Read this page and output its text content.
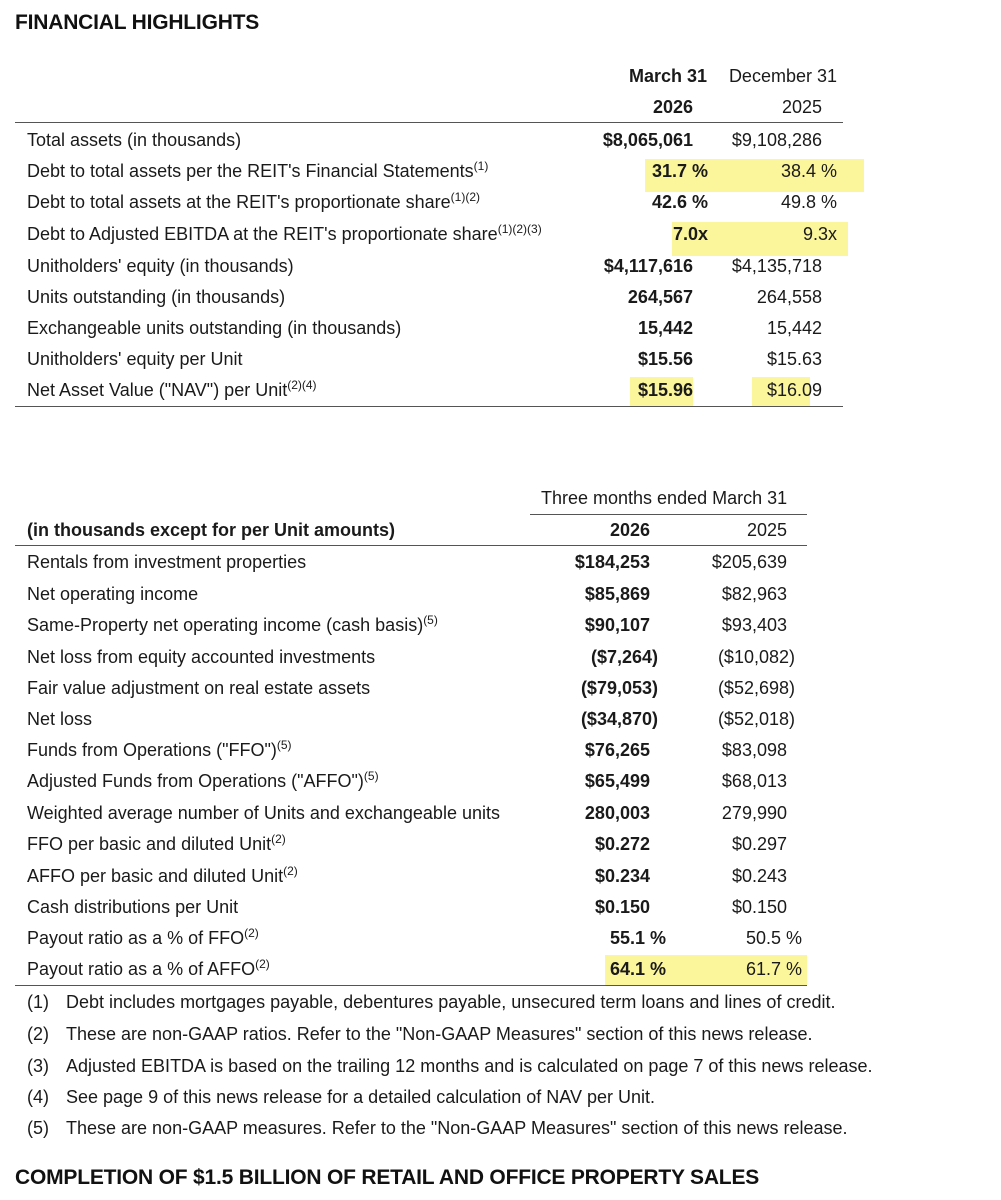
FINANCIAL HIGHLIGHTS
March 31	December 31
2026	2025
Total assets (in thousands)	$8,065,061	$9,108,286
Debt to total assets per the REIT's Financial Statements$^{(1)}$	31.7 %	38.4 %
Debt to total assets at the REIT's proportionate share$^{(1)(2)}$	42.6 %	49.8 %
Debt to Adjusted EBITDA at the REIT's proportionate share$^{(1)(2)(3)}$	7.0x	9.3x
Unitholders' equity (in thousands)	$4,117,616	$4,135,718
Units outstanding (in thousands)	264,567	264,558
Exchangeable units outstanding (in thousands)	15,442	15,442
Unitholders' equity per Unit	$15.56	$15.63
Net Asset Value ("NAV") per Unit$^{(2)(4)}$	$15.96	$16.09
Three months ended March 31
(in thousands except for per Unit amounts)	2026	2025
Rentals from investment properties	$184,253	$205,639
Net operating income	$85,869	$82,963
Same-Property net operating income (cash basis)$^{(5)}$	$90,107	$93,403
Net loss from equity accounted investments	($7,264)	($10,082)
Fair value adjustment on real estate assets	($79,053)	($52,698)
Net loss	($34,870)	($52,018)
Funds from Operations ("FFO")$^{(5)}$	$76,265	$83,098
Adjusted Funds from Operations ("AFFO")$^{(5)}$	$65,499	$68,013
Weighted average number of Units and exchangeable units	280,003	279,990
FFO per basic and diluted Unit$^{(2)}$	$0.272	$0.297
AFFO per basic and diluted Unit$^{(2)}$	$0.234	$0.243
Cash distributions per Unit	$0.150	$0.150
Payout ratio as a % of FFO$^{(2)}$	55.1 %	50.5 %
Payout ratio as a % of AFFO$^{(2)}$	64.1 %	61.7 %
(1) Debt includes mortgages payable, debentures payable, unsecured term loans and lines of credit.
(2) These are non-GAAP ratios. Refer to the "Non-GAAP Measures" section of this news release.
(3) Adjusted EBITDA is based on the trailing 12 months and is calculated on page 7 of this news release.
(4) See page 9 of this news release for a detailed calculation of NAV per Unit.
(5) These are non-GAAP measures. Refer to the "Non-GAAP Measures" section of this news release.
COMPLETION OF $1.5 BILLION OF RETAIL AND OFFICE PROPERTY SALES
